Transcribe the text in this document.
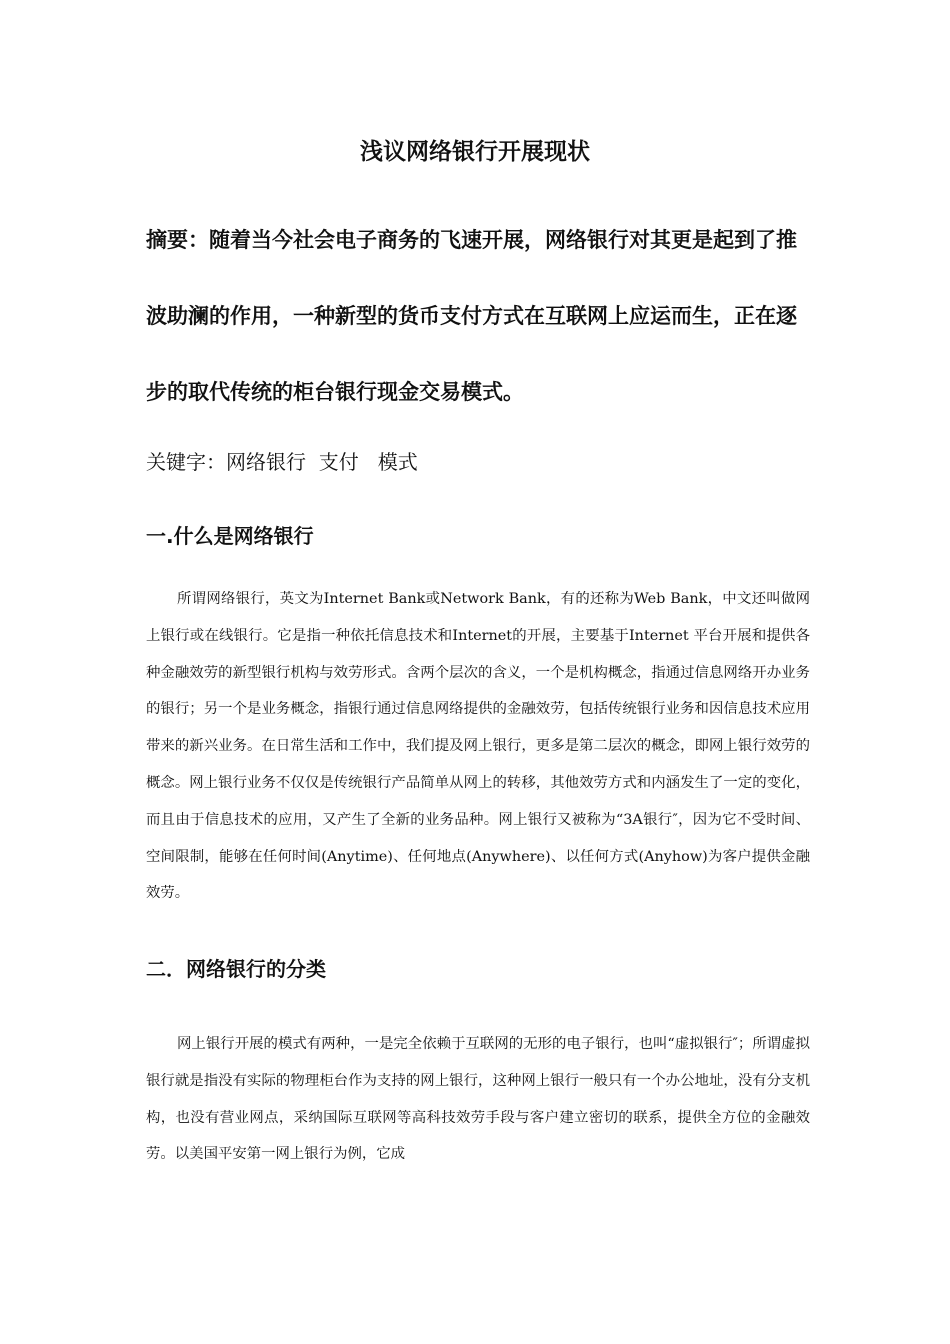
浅议网络银行开展现状

摘要：随着当今社会电子商务的飞速开展，网络银行对其更是起到了推波助澜的作用，一种新型的货币支付方式在互联网上应运而生，正在逐步的取代传统的柜台银行现金交易模式。

关键字：网络银行  支付   模式

一.什么是网络银行

所谓网络银行，英文为Internet Bank或Network Bank，有的还称为Web Bank，中文还叫做网上银行或在线银行。它是指一种依托信息技术和Internet的开展，主要基于Internet 平台开展和提供各种金融效劳的新型银行机构与效劳形式。含两个层次的含义，一个是机构概念，指通过信息网络开办业务的银行；另一个是业务概念，指银行通过信息网络提供的金融效劳，包括传统银行业务和因信息技术应用带来的新兴业务。在日常生活和工作中，我们提及网上银行，更多是第二层次的概念，即网上银行效劳的概念。网上银行业务不仅仅是传统银行产品简单从网上的转移，其他效劳方式和内涵发生了一定的变化，而且由于信息技术的应用，又产生了全新的业务品种。网上银行又被称为“3A银行″，因为它不受时间、空间限制，能够在任何时间(Anytime)、任何地点(Anywhere)、以任何方式(Anyhow)为客户提供金融效劳。

二．网络银行的分类

网上银行开展的模式有两种，一是完全依赖于互联网的无形的电子银行，也叫“虚拟银行″；所谓虚拟银行就是指没有实际的物理柜台作为支持的网上银行，这种网上银行一般只有一个办公地址，没有分支机构，也没有营业网点，采纳国际互联网等高科技效劳手段与客户建立密切的联系，提供全方位的金融效劳。以美国平安第一网上银行为例，它成
